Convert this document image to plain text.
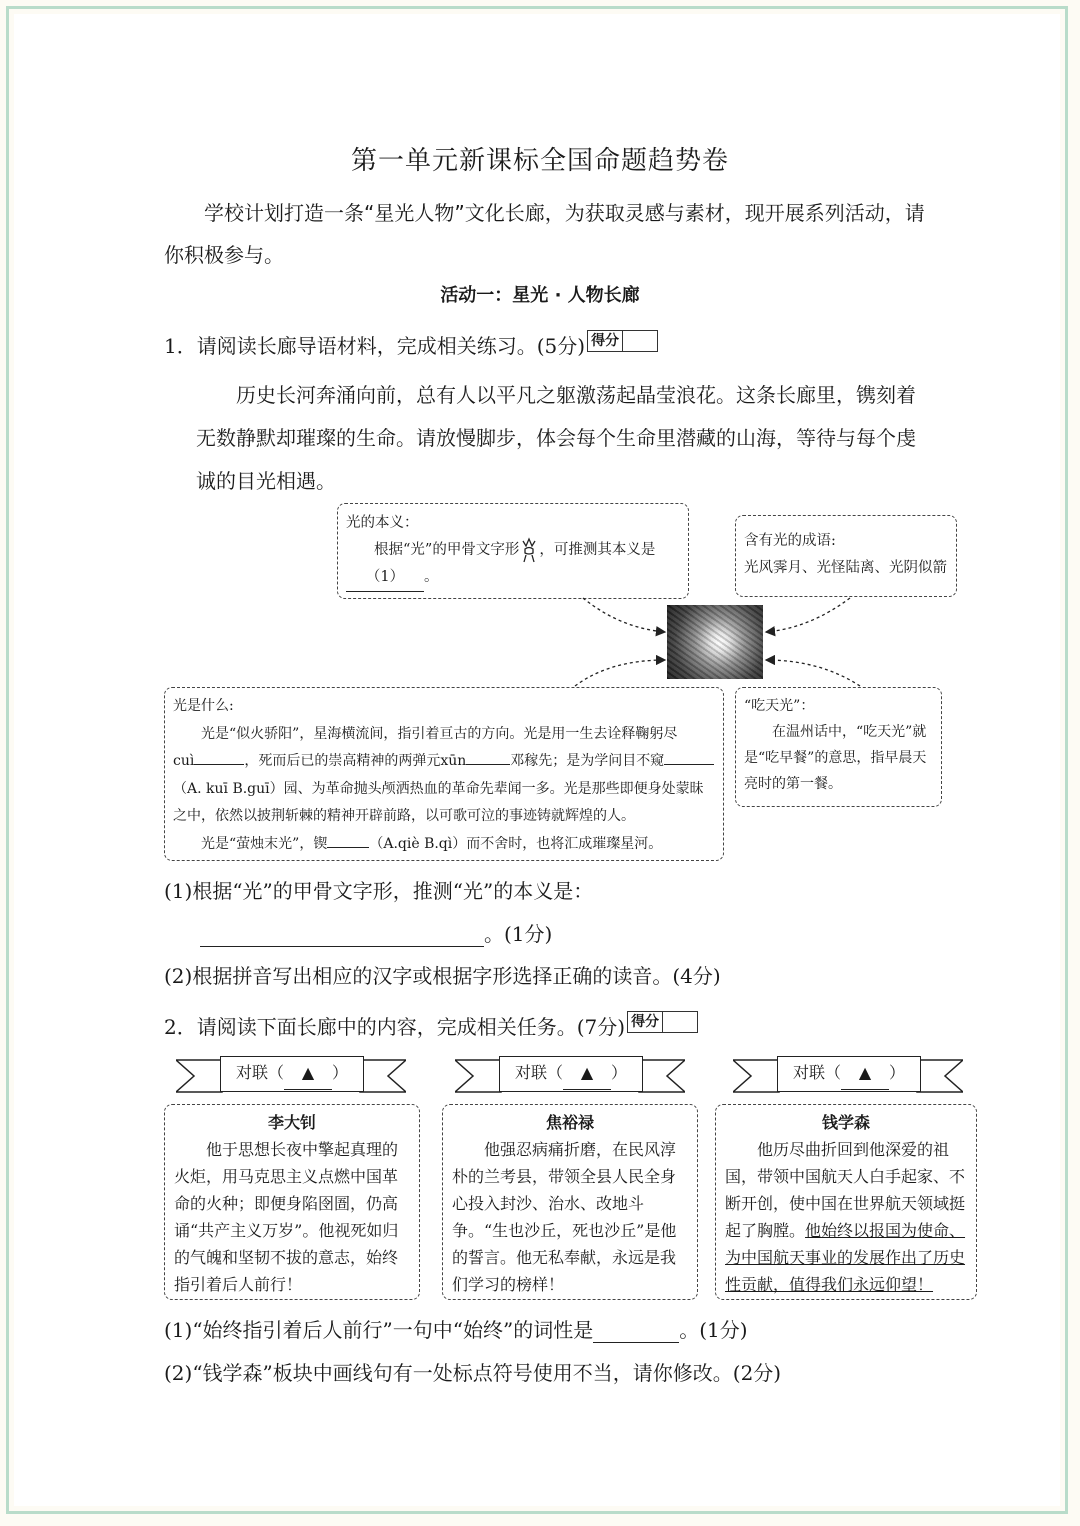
第一单元新课标全国命题趋势卷
学校计划打造一条“星光人物”文化长廊，为获取灵感与素材，现开展系列活动，请你积极参与。
活动一：星光 · 人物长廊
1．请阅读长廊导语材料，完成相关练习。(5分) 得分
历史长河奔涌向前，总有人以平凡之躯激荡起晶莹浪花。这条长廊里，镌刻着无数静默却璀璨的生命。请放慢脚步，体会每个生命里潜藏的山海，等待与每个虔诚的目光相遇。
光的本义：
根据“光”的甲骨文字形 ，可推测其本义是
（1） 。
含有光的成语:
光风霁月、光怪陆离、光阴似箭
光是什么:
光是“似火骄阳”，星海横流间，指引着亘古的方向。光是用一生去诠释鞠躬尽
cuì	，死而后已的崇高精神的两弹元xūn	邓稼先；是为学问目不窥
（A. kuī B.guī）园、为革命抛头颅洒热血的革命先辈闻一多。光是那些即便身处蒙昧
之中，依然以披荆斩棘的精神开辟前路，以可歌可泣的事迹铸就辉煌的人。
光是“萤烛末光”，锲	（A.qiè B.qì）而不舍时，也将汇成璀璨星河。
“吃天光”：
在温州话中，“吃天光”就是“吃早餐”的意思，指早晨天亮时的第一餐。
(1)根据“光”的甲骨文字形，推测“光”的本义是：
。(1分)
(2)根据拼音写出相应的汉字或根据字形选择正确的读音。(4分)
2．请阅读下面长廊中的内容，完成相关任务。(7分) 得分
对联（ ▲ ）	对联（ ▲ ）	对联（ ▲ ）
李大钊
他于思想长夜中擎起真理的火炬，用马克思主义点燃中国革命的火种；即便身陷囹圄，仍高诵“共产主义万岁”。他视死如归的气魄和坚韧不拔的意志，始终指引着后人前行！
焦裕禄
他强忍病痛折磨，在民风淳朴的兰考县，带领全县人民全身心投入封沙、治水、改地斗争。“生也沙丘，死也沙丘”是他的誓言。他无私奉献，永远是我们学习的榜样！
钱学森
他历尽曲折回到他深爱的祖国，带领中国航天人白手起家、不断开创，使中国在世界航天领域挺起了胸膛。他始终以报国为使命、为中国航天事业的发展作出了历史性贡献，值得我们永远仰望！
(1)“始终指引着后人前行”一句中“始终”的词性是	。(1分)
(2)“钱学森”板块中画线句有一处标点符号使用不当，请你修改。(2分)
